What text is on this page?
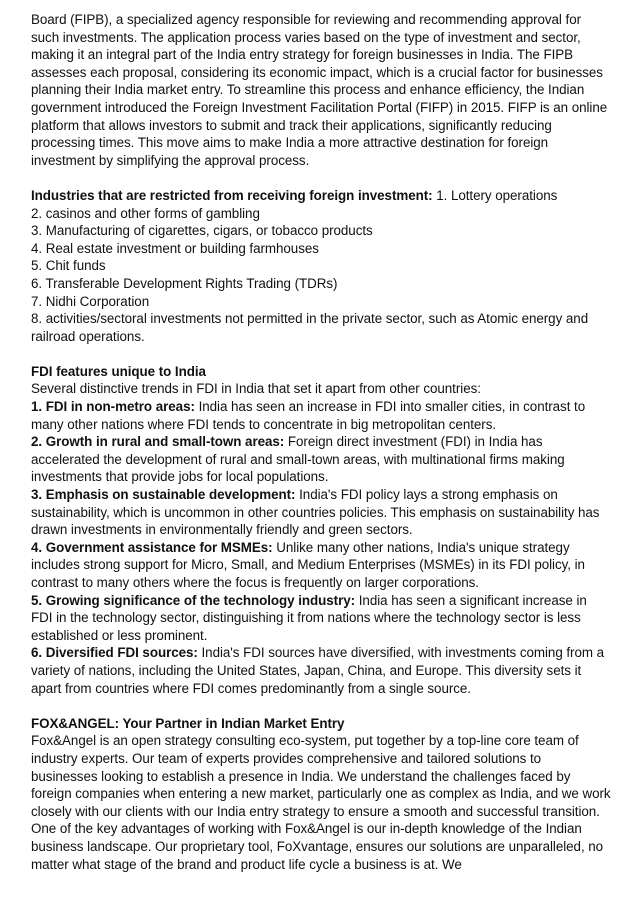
Board (FIPB), a specialized agency responsible for reviewing and recommending approval for such investments. The application process varies based on the type of investment and sector, making it an integral part of the India entry strategy for foreign businesses in India. The FIPB assesses each proposal, considering its economic impact, which is a crucial factor for businesses planning their India market entry. To streamline this process and enhance efficiency, the Indian government introduced the Foreign Investment Facilitation Portal (FIFP) in 2015. FIFP is an online platform that allows investors to submit and track their applications, significantly reducing processing times. This move aims to make India a more attractive destination for foreign investment by simplifying the approval process.

Industries that are restricted from receiving foreign investment: 1. Lottery operations
2. casinos and other forms of gambling
3. Manufacturing of cigarettes, cigars, or tobacco products
4. Real estate investment or building farmhouses
5. Chit funds
6. Transferable Development Rights Trading (TDRs)
7. Nidhi Corporation
8. activities/sectoral investments not permitted in the private sector, such as Atomic energy and railroad operations.

FDI features unique to India

Several distinctive trends in FDI in India that set it apart from other countries:

1. FDI in non-metro areas: India has seen an increase in FDI into smaller cities, in contrast to many other nations where FDI tends to concentrate in big metropolitan centers.

2. Growth in rural and small-town areas: Foreign direct investment (FDI) in India has accelerated the development of rural and small-town areas, with multinational firms making investments that provide jobs for local populations.

3. Emphasis on sustainable development: India's FDI policy lays a strong emphasis on sustainability, which is uncommon in other countries policies. This emphasis on sustainability has drawn investments in environmentally friendly and green sectors.

4. Government assistance for MSMEs: Unlike many other nations, India's unique strategy includes strong support for Micro, Small, and Medium Enterprises (MSMEs) in its FDI policy, in contrast to many others where the focus is frequently on larger corporations.

5. Growing significance of the technology industry: India has seen a significant increase in FDI in the technology sector, distinguishing it from nations where the technology sector is less established or less prominent.

6. Diversified FDI sources: India's FDI sources have diversified, with investments coming from a variety of nations, including the United States, Japan, China, and Europe. This diversity sets it apart from countries where FDI comes predominantly from a single source.

FOX&ANGEL: Your Partner in Indian Market Entry

Fox&Angel is an open strategy consulting eco-system, put together by a top-line core team of industry experts. Our team of experts provides comprehensive and tailored solutions to businesses looking to establish a presence in India. We understand the challenges faced by foreign companies when entering a new market, particularly one as complex as India, and we work closely with our clients with our India entry strategy to ensure a smooth and successful transition. One of the key advantages of working with Fox&Angel is our in-depth knowledge of the Indian business landscape. Our proprietary tool, FoXvantage, ensures our solutions are unparalleled, no matter what stage of the brand and product life cycle a business is at. We
